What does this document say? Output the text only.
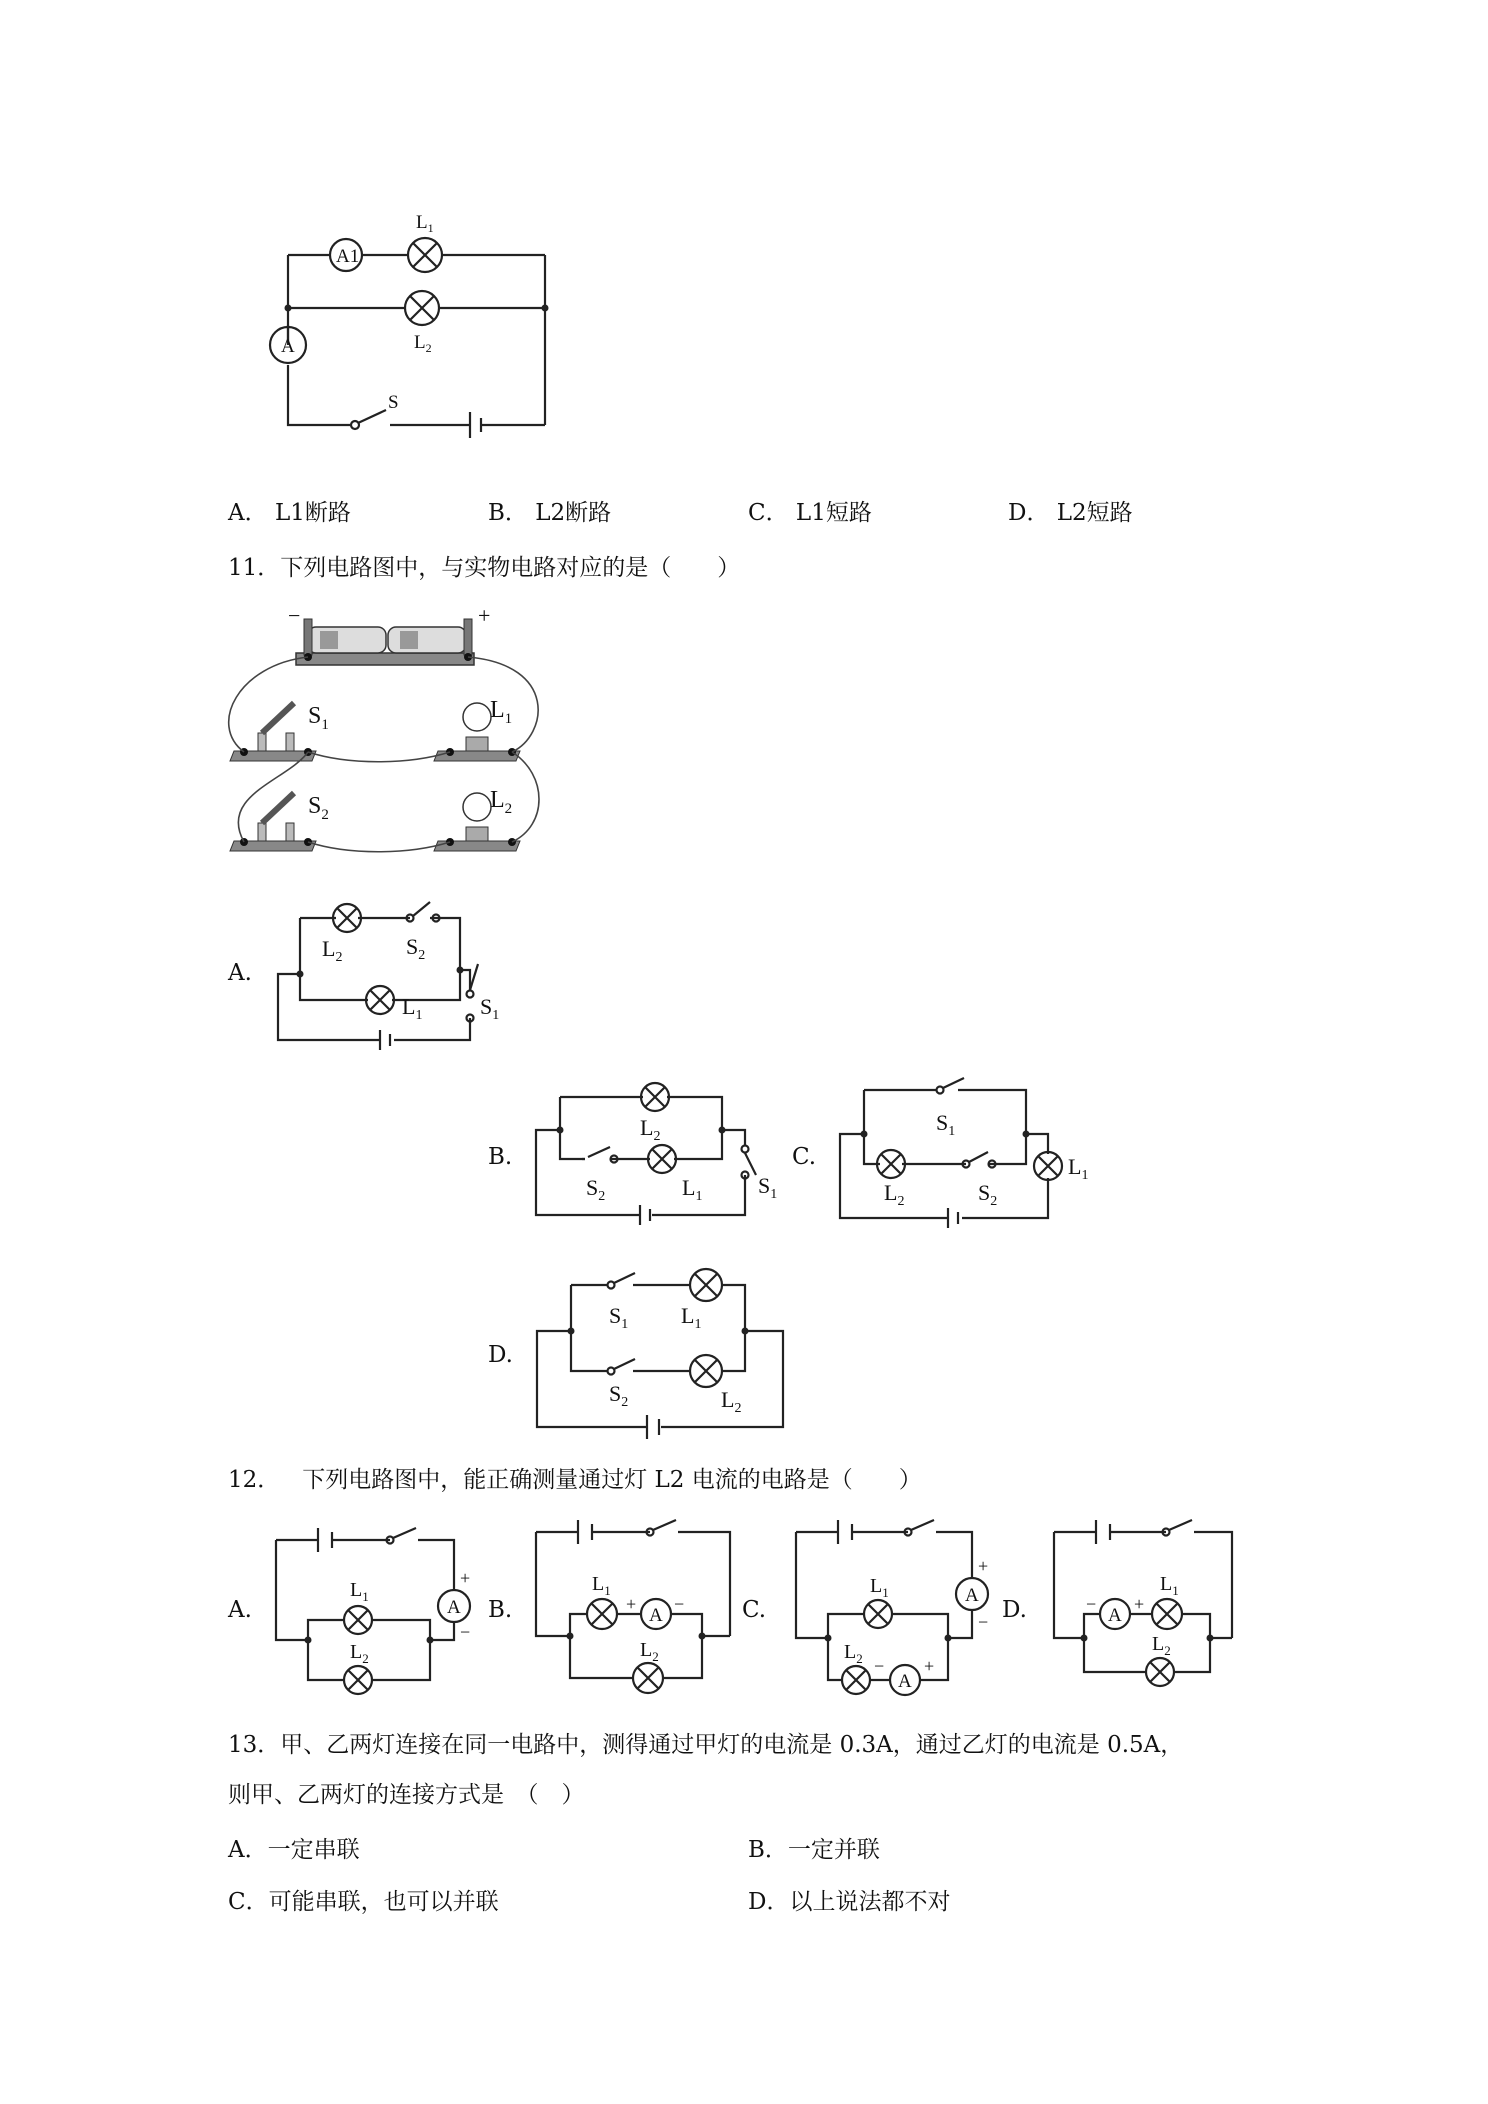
A1
$L_1$
$L_2$
A
S
A． L1断路	B． L2断路	C． L1短路	D． L2短路
11．下列电路图中，与实物电路对应的是（　　）
−	+
$S_1$
$L_1$
$S_2$
$L_2$
A.
$L_2$	$S_2$
$L_1$	$S_1$
B.
$L_2$
$S_2$	$L_1$	$S_1$
C.
$S_1$
$L_2$	$S_2$
$L_1$
D.
$S_1$ $L_1$
$S_2$	$L_2$
12． 下列电路图中，能正确测量通过灯 L2 电流的电路是（　　）
A.	A
+
−
$L_1$
$L_2$
B.	A
+ −
$L_1$
$L_2$
C.
A
+
−
A
− +
$L_1$
$L_2$
D.	A
− +
$L_1$
$L_2$
13．甲、乙两灯连接在同一电路中，测得通过甲灯的电流是 0.3A，通过乙灯的电流是 0.5A，
则甲、乙两灯的连接方式是　（　）
A．一定串联	B．一定并联
C．可能串联，也可以并联	D．以上说法都不对
